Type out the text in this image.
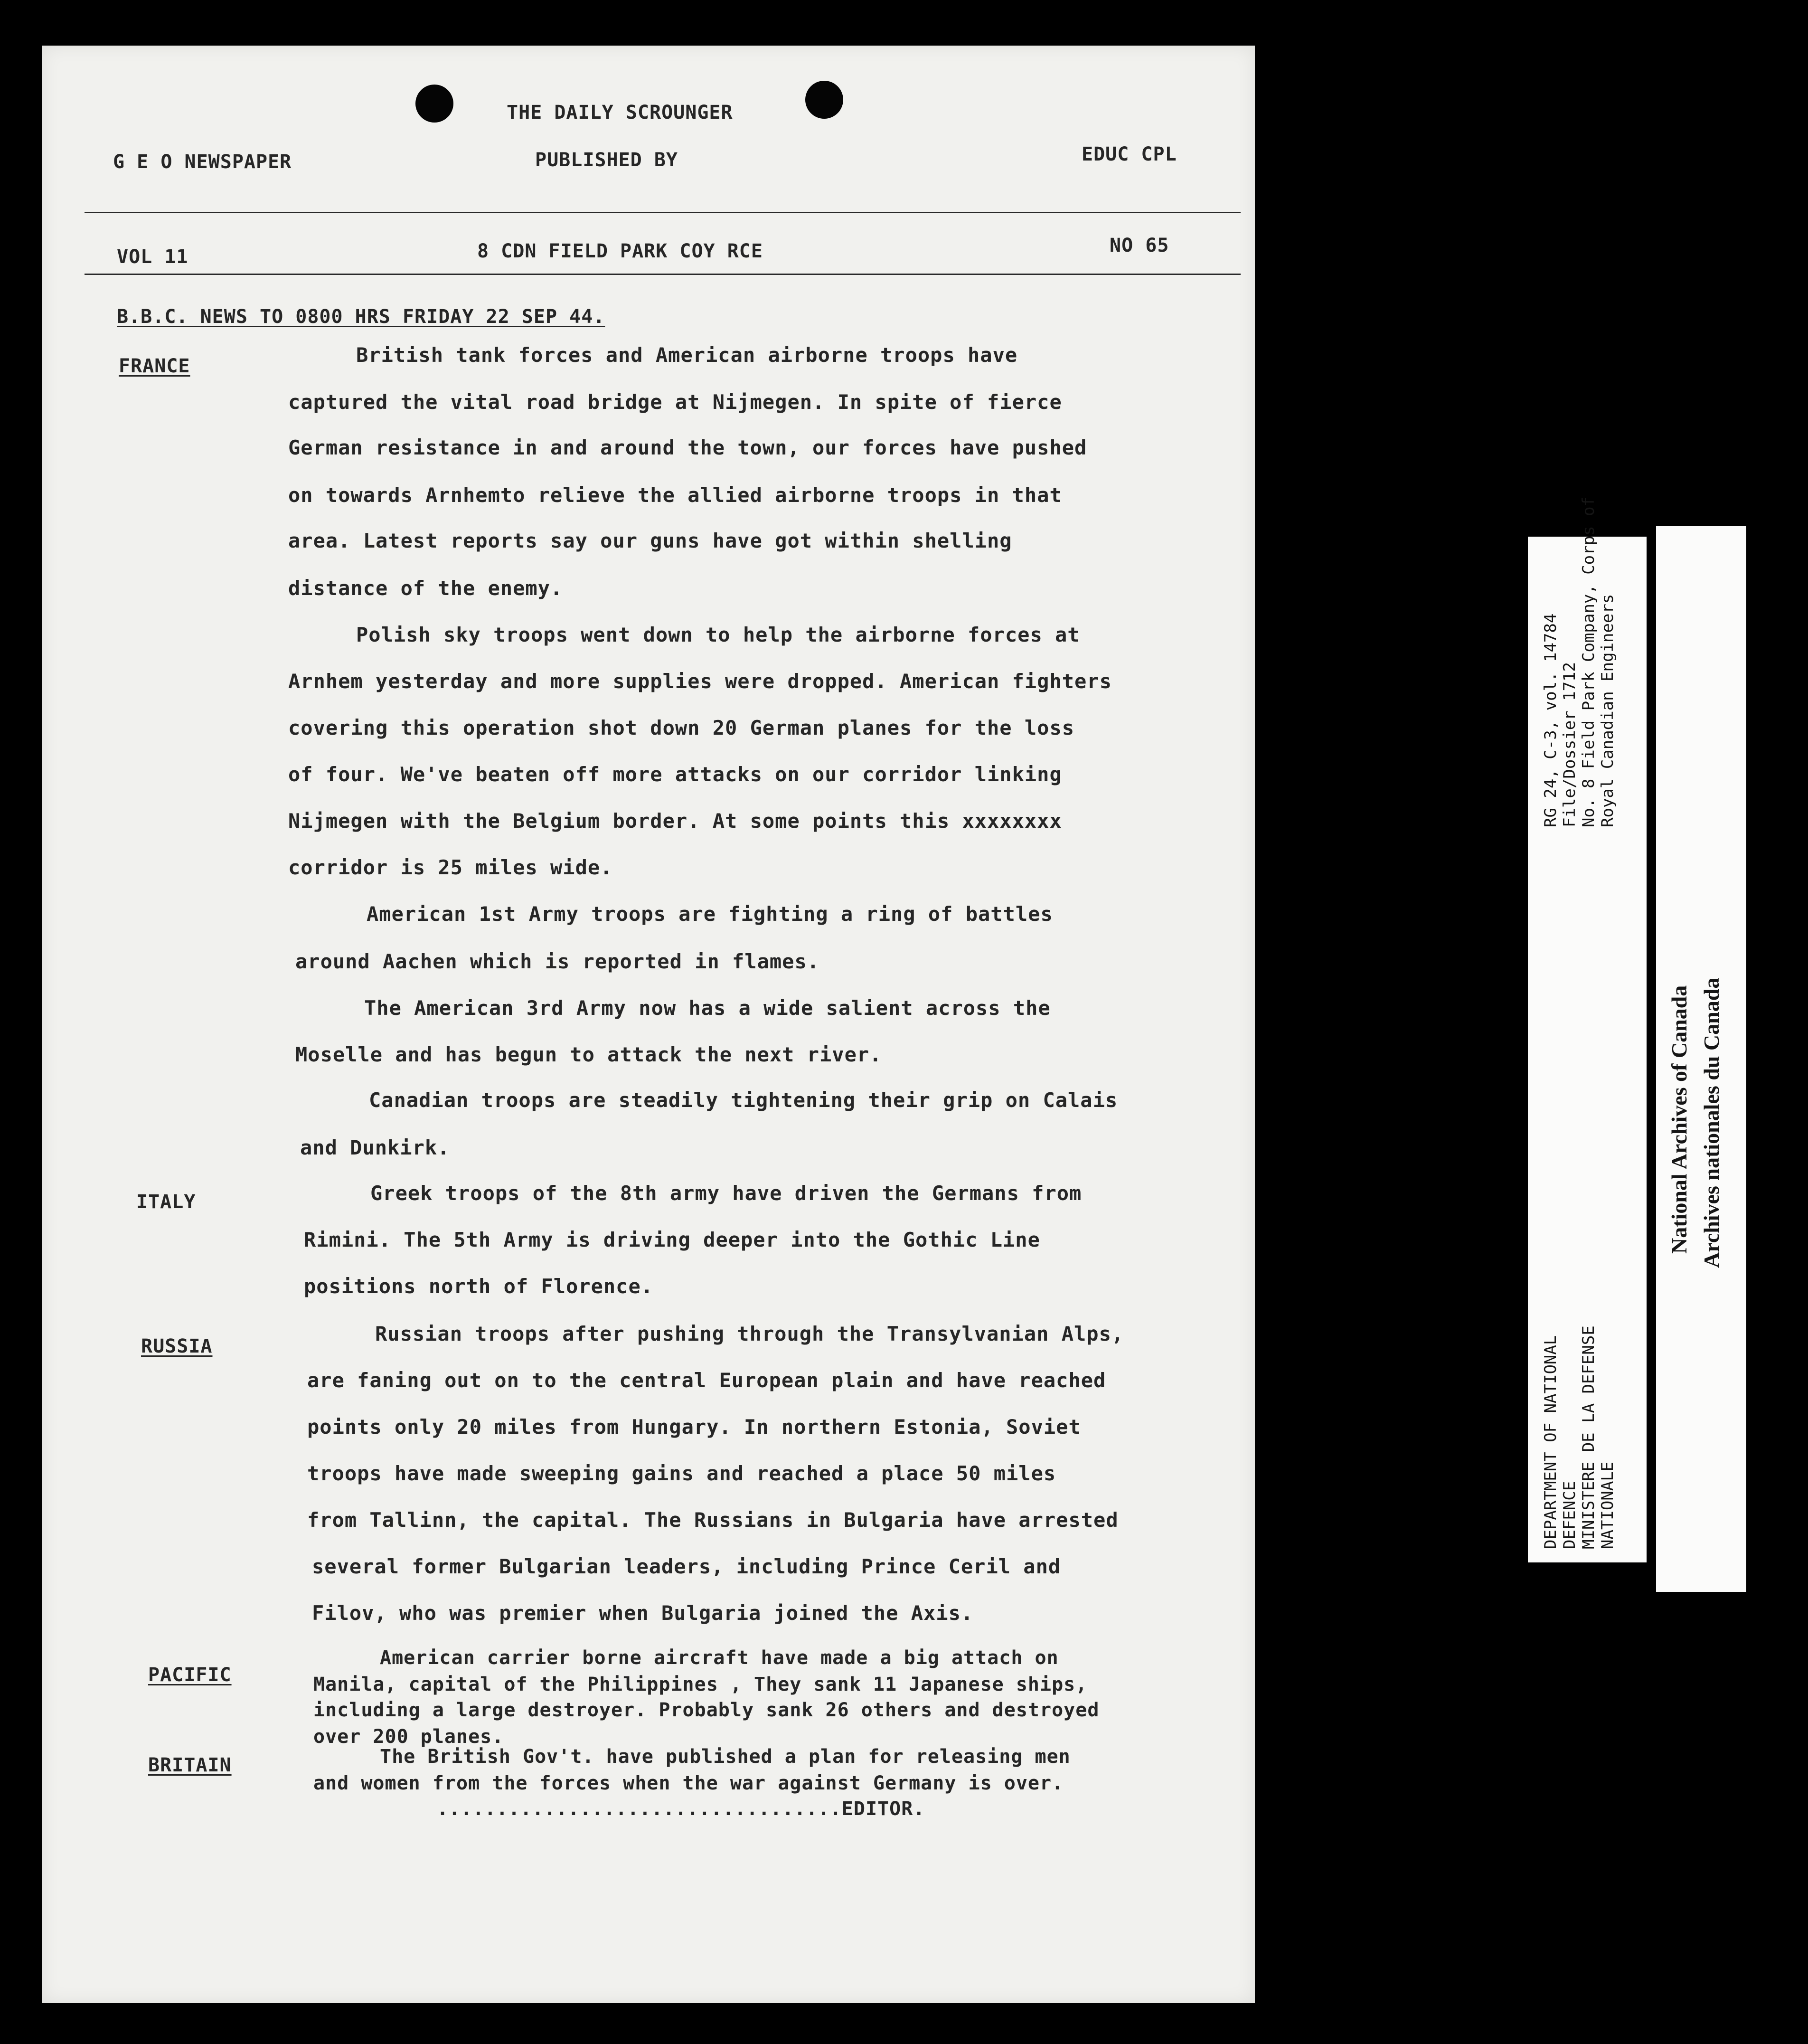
THE DAILY SCROUNGER
G E O NEWSPAPER	PUBLISHED BY	EDUC CPL
VOL 11	8 CDN FIELD PARK COY RCE	NO 65
B.B.C. NEWS TO 0800 HRS FRIDAY 22 SEP 44.
FRANCE	British tank forces and American airborne troops have
captured the vital road bridge at Nijmegen. In spite of fierce
German resistance in and around the town, our forces have pushed
on towards Arnhemto relieve the allied airborne troops in that
area. Latest reports say our guns have got within shelling
distance of the enemy.
Polish sky troops went down to help the airborne forces at
Arnhem yesterday and more supplies were dropped. American fighters
covering this operation shot down 20 German planes for the loss
of four. We've beaten off more attacks on our corridor linking
Nijmegen with the Belgium border. At some points this xxxxxxxx
corridor is 25 miles wide.
American 1st Army troops are fighting a ring of battles
around Aachen which is reported in flames.
The American 3rd Army now has a wide salient across the
Moselle and has begun to attack the next river.
Canadian troops are steadily tightening their grip on Calais
and Dunkirk.
ITALY	Greek troops of the 8th army have driven the Germans from
Rimini. The 5th Army is driving deeper into the Gothic Line
positions north of Florence.
RUSSIA
Russian troops after pushing through the Transylvanian Alps,
are faning out on to the central European plain and have reached
points only 20 miles from Hungary. In northern Estonia, Soviet
troops have made sweeping gains and reached a place 50 miles
from Tallinn, the capital. The Russians in Bulgaria have arrested
several former Bulgarian leaders, including Prince Ceril and
Filov, who was premier when Bulgaria joined the Axis.
PACIFIC
American carrier borne aircraft have made a big attach on
Manila, capital of the Philippines , They sank 11 Japanese ships,
including a large destroyer. Probably sank 26 others and destroyed
over 200 planes.
BRITAIN	The British Gov't. have published a plan for releasing men
and women from the forces when the war against Germany is over.
..................................EDITOR.
RG 24, C-3, vol. 14784 File/Dossier 1712 No. 8 Field Park Company, Corps of Royal Canadian Engineers
DEPARTMENT OF NATIONAL DEFENCE MINISTERE DE LA DEFENSE NATIONALE
National Archives of Canada Archives nationales du Canada
